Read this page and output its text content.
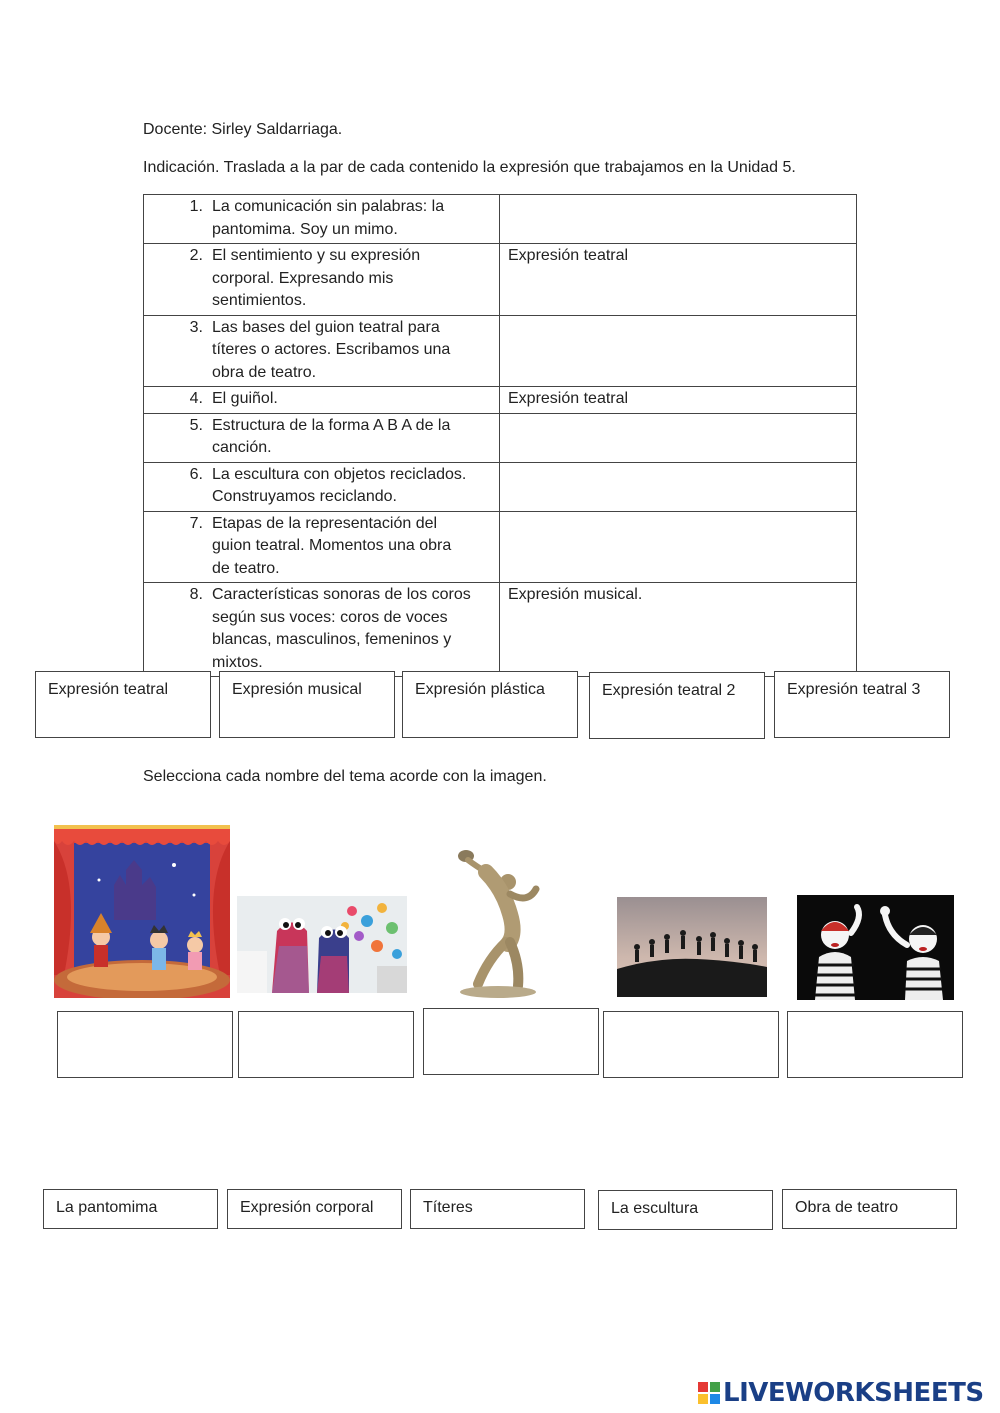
Docente: Sirley Saldarriaga.
Indicación. Traslada a la par de cada contenido la expresión que trabajamos en la Unidad 5.
1. La comunicación sin palabras: la
pantomima. Soy un mimo.	

2. El sentimiento y su expresión
corporal. Expresando mis
sentimientos.	Expresión teatral

3. Las bases del guion teatral para
títeres o actores. Escribamos una
obra de teatro.	

4. El guiñol.	Expresión teatral

5. Estructura de la forma A B A de la
canción.	

6. La escultura con objetos reciclados.
Construyamos reciclando.	

7. Etapas de la representación del
guion teatral. Momentos una obra
de teatro.	

8. Características sonoras de los coros
según sus voces: coros de voces
blancas, masculinos, femeninos y
mixtos.	Expresión musical.
Expresión teatral	Expresión musical	Expresión plástica	Expresión teatral 2	Expresión teatral 3
Selecciona cada nombre del tema acorde con la imagen.
La pantomima	Expresión corporal	Títeres	La escultura	Obra de teatro
LIVEWORKSHEETS
